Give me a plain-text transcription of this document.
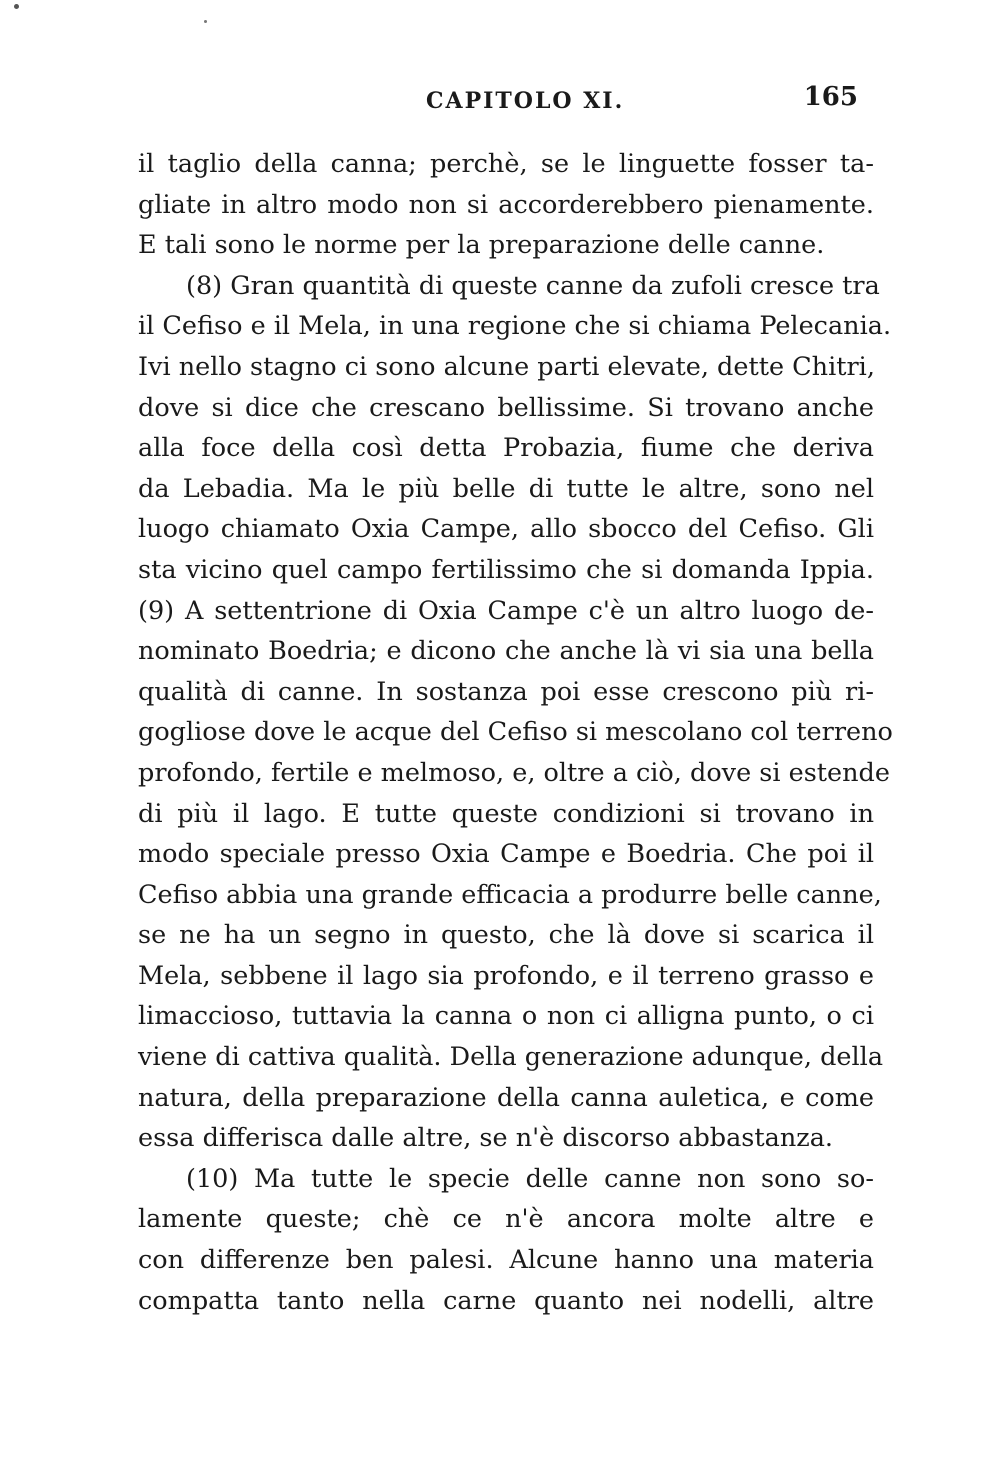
CAPITOLO XI.	165
il taglio della canna; perchè, se le linguette fosser ta-
gliate in altro modo non si accorderebbero pienamente.
E tali sono le norme per la preparazione delle canne.
(8) Gran quantità di queste canne da zufoli cresce tra
il Cefiso e il Mela, in una regione che si chiama Pelecania.
Ivi nello stagno ci sono alcune parti elevate, dette Chitri,
dove si dice che crescano bellissime. Si trovano anche
alla foce della così detta Probazia, fiume che deriva
da Lebadia. Ma le più belle di tutte le altre, sono nel
luogo chiamato Oxia Campe, allo sbocco del Cefiso. Gli
sta vicino quel campo fertilissimo che si domanda Ippia.
(9) A settentrione di Oxia Campe c'è un altro luogo de-
nominato Boedria; e dicono che anche là vi sia una bella
qualità di canne. In sostanza poi esse crescono più ri-
gogliose dove le acque del Cefiso si mescolano col terreno
profondo, fertile e melmoso, e, oltre a ciò, dove si estende
di più il lago. E tutte queste condizioni si trovano in
modo speciale presso Oxia Campe e Boedria. Che poi il
Cefiso abbia una grande efficacia a produrre belle canne,
se ne ha un segno in questo, che là dove si scarica il
Mela, sebbene il lago sia profondo, e il terreno grasso e
limaccioso, tuttavia la canna o non ci alligna punto, o ci
viene di cattiva qualità. Della generazione adunque, della
natura, della preparazione della canna auletica, e come
essa differisca dalle altre, se n'è discorso abbastanza.
(10) Ma tutte le specie delle canne non sono so-
lamente queste; chè ce n'è ancora molte altre e
con differenze ben palesi. Alcune hanno una materia
compatta tanto nella carne quanto nei nodelli, altre
